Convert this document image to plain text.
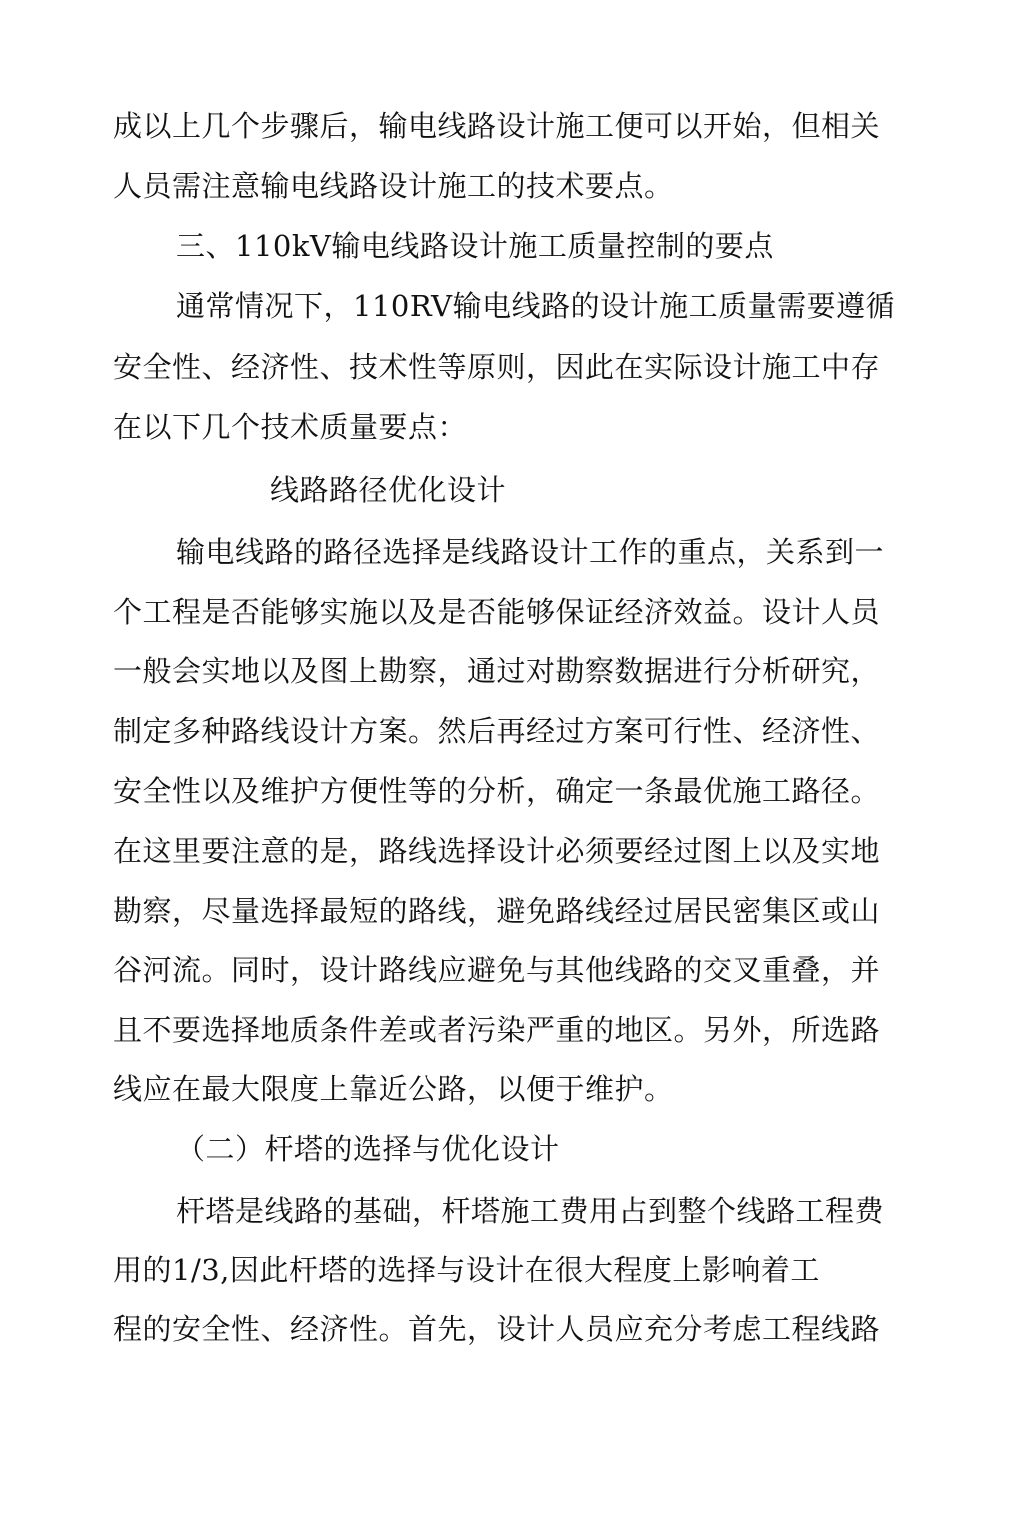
成以上几个步骤后，输电线路设计施工便可以开始，但相关
人员需注意输电线路设计施工的技术要点。
三、110kV输电线路设计施工质量控制的要点
通常情况下，110RV输电线路的设计施工质量需要遵循
安全性、经济性、技术性等原则，因此在实际设计施工中存
在以下几个技术质量要点：
线路路径优化设计
输电线路的路径选择是线路设计工作的重点，关系到一
个工程是否能够实施以及是否能够保证经济效益。设计人员
一般会实地以及图上勘察，通过对勘察数据进行分析研究，
制定多种路线设计方案。然后再经过方案可行性、经济性、
安全性以及维护方便性等的分析，确定一条最优施工路径。
在这里要注意的是，路线选择设计必须要经过图上以及实地
勘察，尽量选择最短的路线，避免路线经过居民密集区或山
谷河流。同时，设计路线应避免与其他线路的交叉重叠，并
且不要选择地质条件差或者污染严重的地区。另外，所选路
线应在最大限度上靠近公路，以便于维护。
（二）杆塔的选择与优化设计
杆塔是线路的基础，杆塔施工费用占到整个线路工程费
用的1/3,因此杆塔的选择与设计在很大程度上影响着工
程的安全性、经济性。首先，设计人员应充分考虑工程线路
